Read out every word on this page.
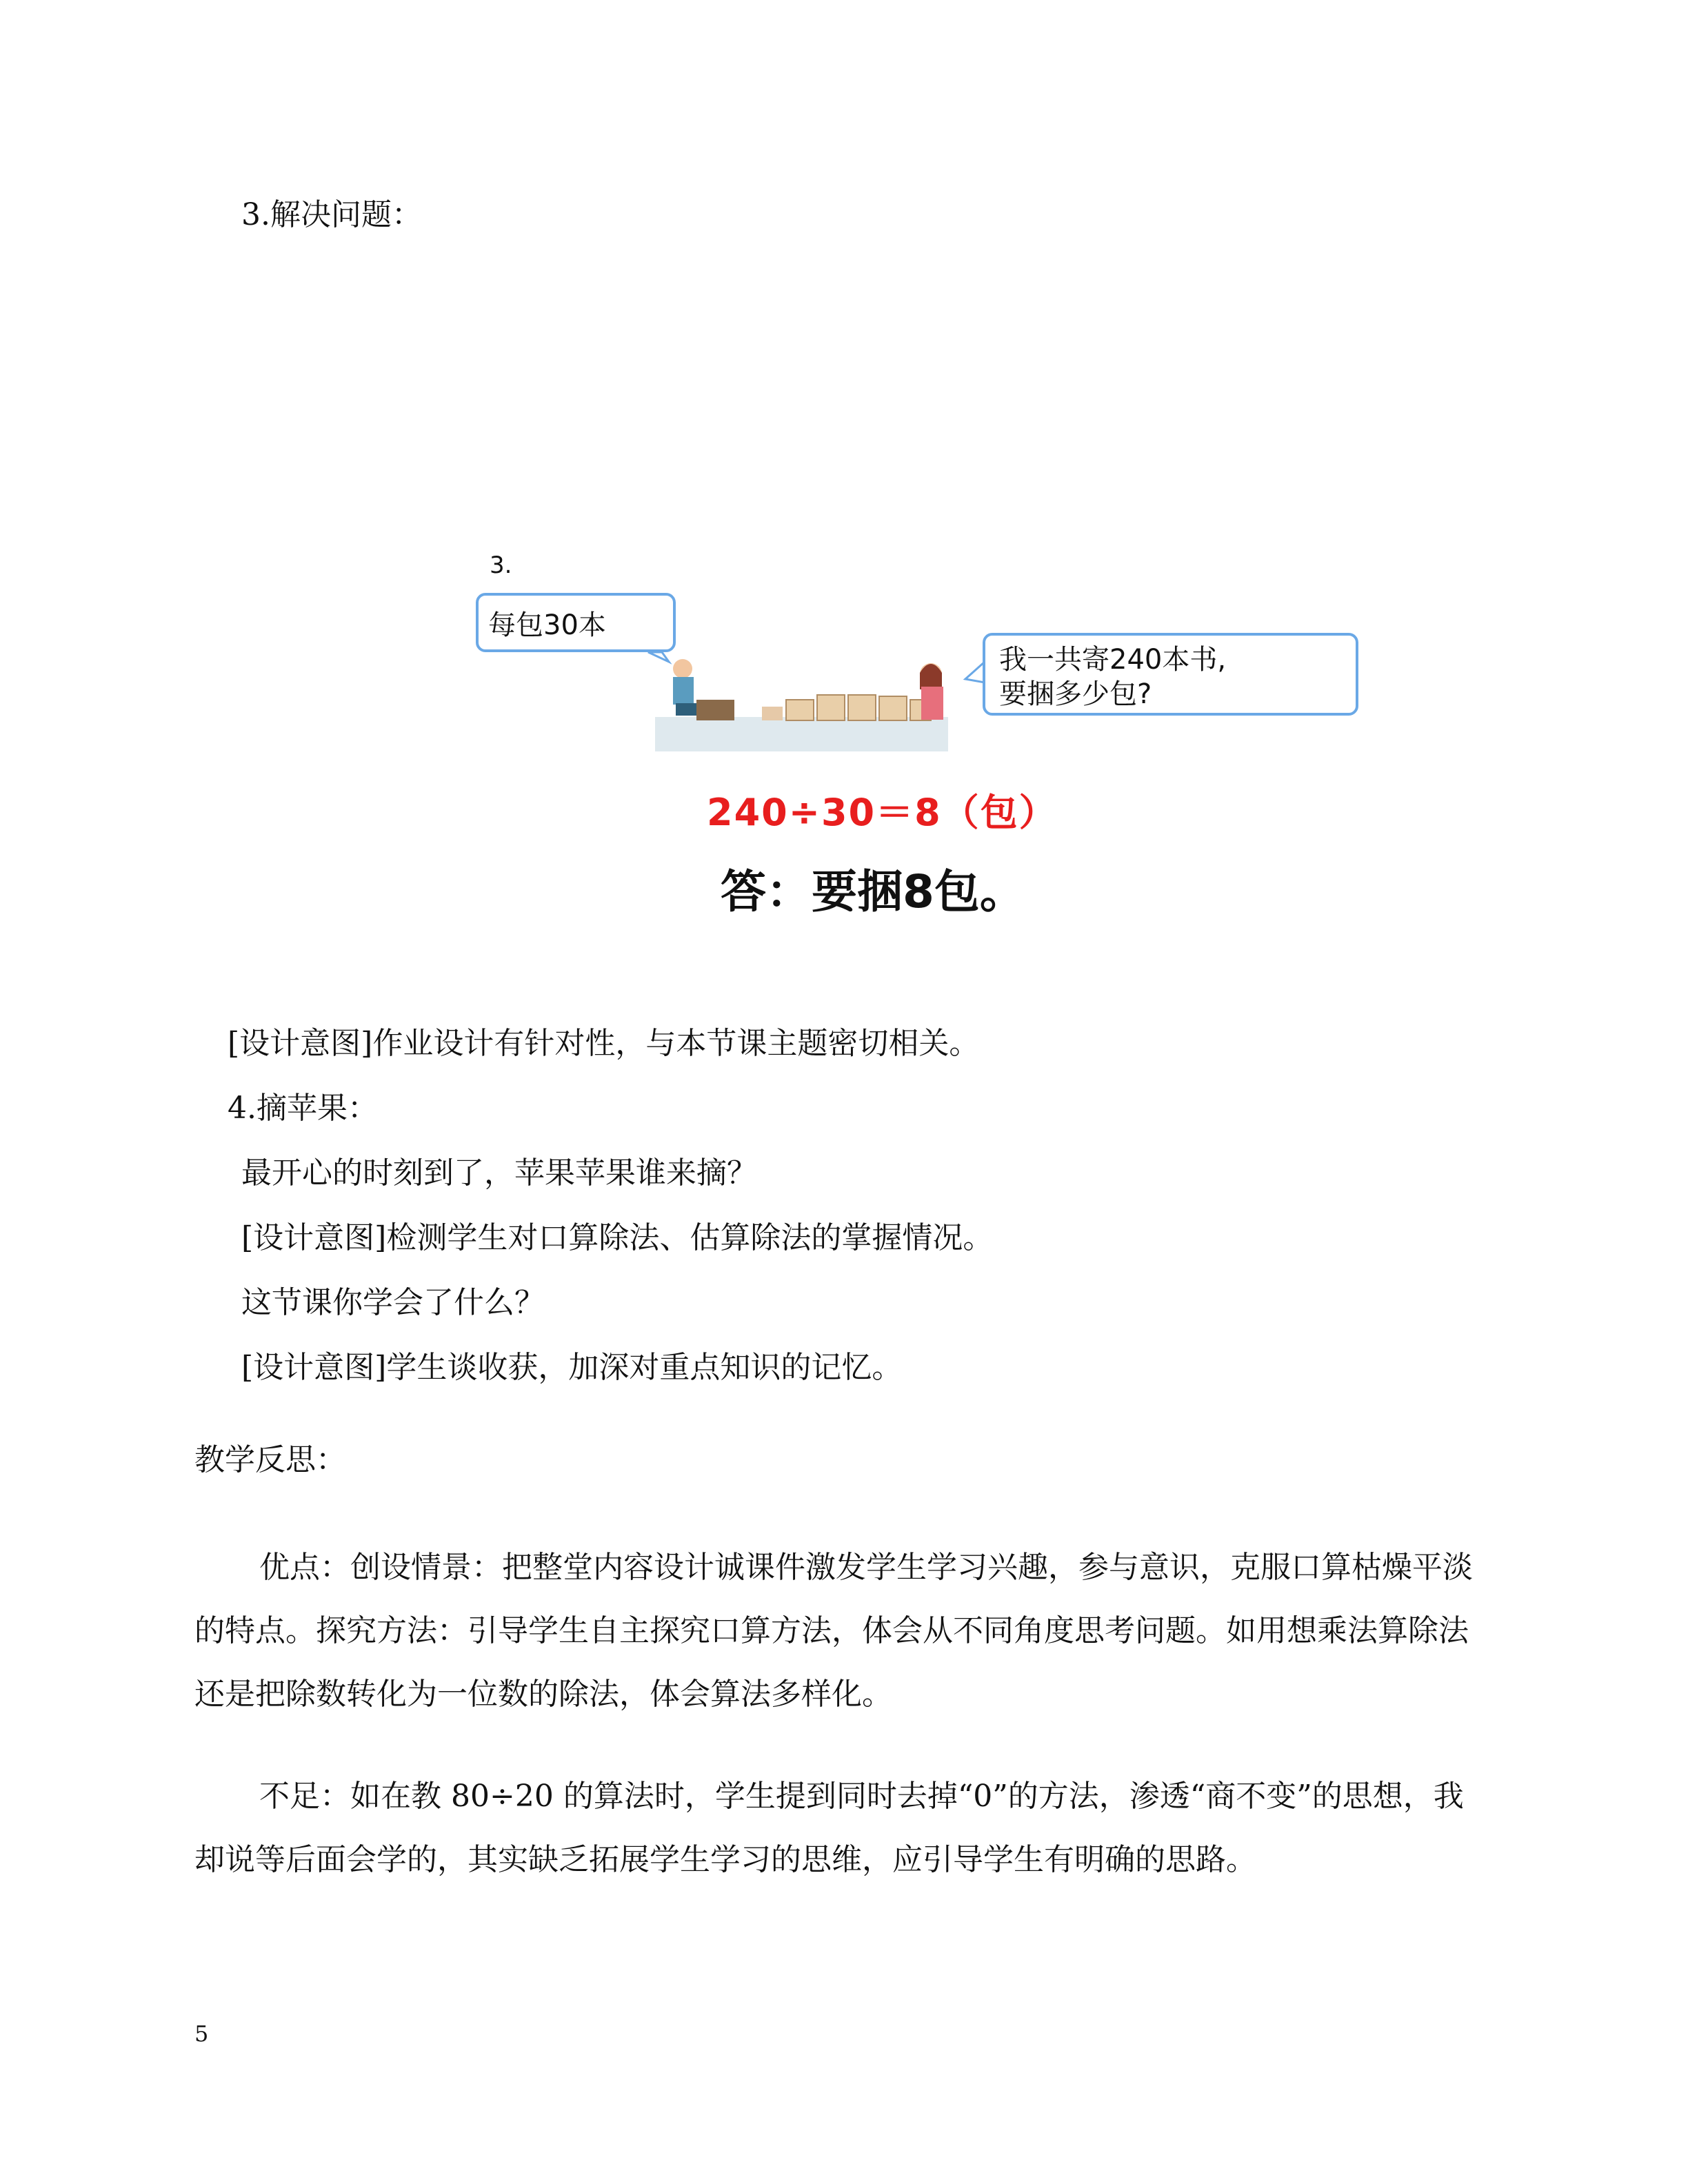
3.解决问题：
3.
每包30本
我一共寄240本书,
要捆多少包?
240÷30＝8（包）
答：要捆8包。
[设计意图]作业设计有针对性，与本节课主题密切相关。
4.摘苹果：
最开心的时刻到了，苹果苹果谁来摘？
[设计意图]检测学生对口算除法、估算除法的掌握情况。
这节课你学会了什么？
[设计意图]学生谈收获，加深对重点知识的记忆。
教学反思：
优点：创设情景：把整堂内容设计诚课件激发学生学习兴趣，参与意识，克服口算枯燥平淡的特点。探究方法：引导学生自主探究口算方法，体会从不同角度思考问题。如用想乘法算除法还是把除数转化为一位数的除法，体会算法多样化。
不足：如在教 80÷20 的算法时，学生提到同时去掉“0”的方法，渗透“商不变”的思想，我却说等后面会学的，其实缺乏拓展学生学习的思维，应引导学生有明确的思路。
5
